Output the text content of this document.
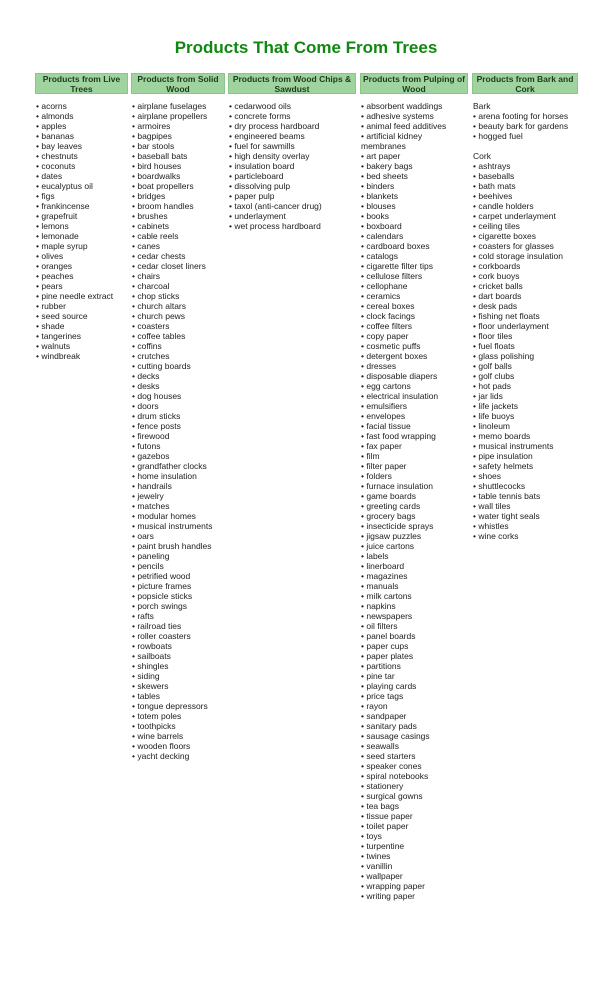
Products That Come From Trees
Products from Live Trees
• acorns
• almonds
• apples
• bananas
• bay leaves
• chestnuts
• coconuts
• dates
• eucalyptus oil
• figs
• frankincense
• grapefruit
• lemons
• lemonade
• maple syrup
• olives
• oranges
• peaches
• pears
• pine needle extract
• rubber
• seed source
• shade
• tangerines
• walnuts
• windbreak
Products from Solid Wood
• airplane fuselages
• airplane propellers
• armoires
• bagpipes
• bar stools
• baseball bats
• bird houses
• boardwalks
• boat propellers
• bridges
• broom handles
• brushes
• cabinets
• cable reels
• canes
• cedar chests
• cedar closet liners
• chairs
• charcoal
• chop sticks
• church altars
• church pews
• coasters
• coffee tables
• coffins
• crutches
• cutting boards
• decks
• desks
• dog houses
• doors
• drum sticks
• fence posts
• firewood
• futons
• gazebos
• grandfather clocks
• home insulation
• handrails
• jewelry
• matches
• modular homes
• musical instruments
• oars
• paint brush handles
• paneling
• pencils
• petrified wood
• picture frames
• popsicle sticks
• porch swings
• rafts
• railroad ties
• roller coasters
• rowboats
• sailboats
• shingles
• siding
• skewers
• tables
• tongue depressors
• totem poles
• toothpicks
• wine barrels
• wooden floors
• yacht decking
Products from Wood Chips & Sawdust
• cedarwood oils
• concrete forms
• dry process hardboard
• engineered beams
• fuel for sawmills
• high density overlay
• insulation board
• particleboard
• dissolving pulp
• paper pulp
• taxol (anti-cancer drug)
• underlayment
• wet process hardboard
Products from Pulping of Wood
• absorbent waddings
• adhesive systems
• animal feed additives
• artificial kidney membranes
• art paper
• bakery bags
• bed sheets
• binders
• blankets
• blouses
• books
• boxboard
• calendars
• cardboard boxes
• catalogs
• cigarette filter tips
• cellulose filters
• cellophane
• ceramics
• cereal boxes
• clock facings
• coffee filters
• copy paper
• cosmetic puffs
• detergent boxes
• dresses
• disposable diapers
• egg cartons
• electrical insulation
• emulsifiers
• envelopes
• facial tissue
• fast food wrapping
• fax paper
• film
• filter paper
• folders
• furnace insulation
• game boards
• greeting cards
• grocery bags
• insecticide sprays
• jigsaw puzzles
• juice cartons
• labels
• linerboard
• magazines
• manuals
• milk cartons
• napkins
• newspapers
• oil filters
• panel boards
• paper cups
• paper plates
• partitions
• pine tar
• playing cards
• price tags
• rayon
• sandpaper
• sanitary pads
• sausage casings
• seawalls
• seed starters
• speaker cones
• spiral notebooks
• stationery
• surgical gowns
• tea bags
• tissue paper
• toilet paper
• toys
• turpentine
• twines
• vanillin
• wallpaper
• wrapping paper
• writing paper
Products from Bark and Cork
Bark
• arena footing for horses
• beauty bark for gardens
• hogged fuel
Cork
• ashtrays
• baseballs
• bath mats
• beehives
• candle holders
• carpet underlayment
• ceiling tiles
• cigarette boxes
• coasters for glasses
• cold storage insulation
• corkboards
• cork buoys
• cricket balls
• dart boards
• desk pads
• fishing net floats
• floor underlayment
• floor tiles
• fuel floats
• glass polishing
• golf balls
• golf clubs
• hot pads
• jar lids
• life jackets
• life buoys
• linoleum
• memo boards
• musical instruments
• pipe insulation
• safety helmets
• shoes
• shuttlecocks
• table tennis bats
• wall tiles
• water tight seals
• whistles
• wine corks
